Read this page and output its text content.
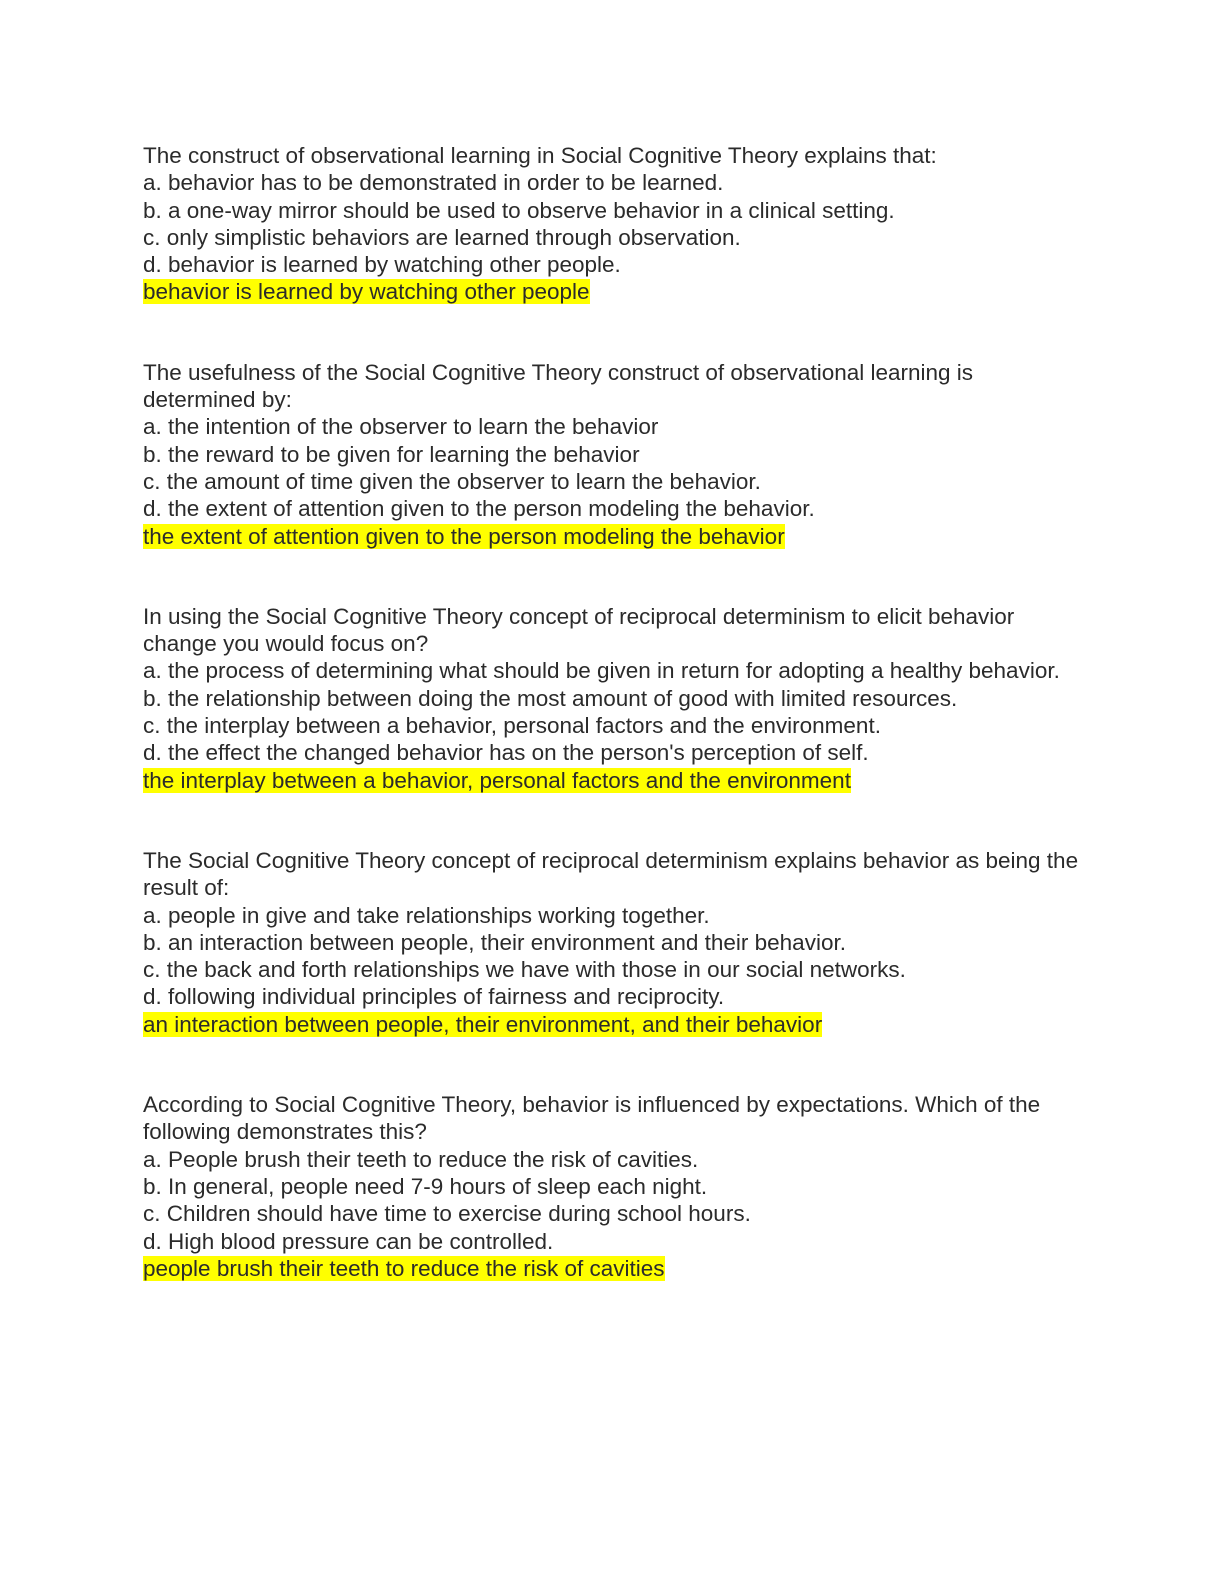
The construct of observational learning in Social Cognitive Theory explains that:

a. behavior has to be demonstrated in order to be learned.

b. a one-way mirror should be used to observe behavior in a clinical setting.

c. only simplistic behaviors are learned through observation.

d. behavior is learned by watching other people.

behavior is learned by watching other people

The usefulness of the Social Cognitive Theory construct of observational learning is determined by:

a. the intention of the observer to learn the behavior

b. the reward to be given for learning the behavior

c. the amount of time given the observer to learn the behavior.

d. the extent of attention given to the person modeling the behavior.

the extent of attention given to the person modeling the behavior

In using the Social Cognitive Theory concept of reciprocal determinism to elicit behavior change you would focus on?

a. the process of determining what should be given in return for adopting a healthy behavior.

b. the relationship between doing the most amount of good with limited resources.

c. the interplay between a behavior, personal factors and the environment.

d. the effect the changed behavior has on the person's perception of self.

the interplay between a behavior, personal factors and the environment

The Social Cognitive Theory concept of reciprocal determinism explains behavior as being the result of:

a. people in give and take relationships working together.

b. an interaction between people, their environment and their behavior.

c. the back and forth relationships we have with those in our social networks.

d. following individual principles of fairness and reciprocity.

an interaction between people, their environment, and their behavior

According to Social Cognitive Theory, behavior is influenced by expectations. Which of the following demonstrates this?

a. People brush their teeth to reduce the risk of cavities.

b. In general, people need 7-9 hours of sleep each night.

c. Children should have time to exercise during school hours.

d. High blood pressure can be controlled.

people brush their teeth to reduce the risk of cavities
